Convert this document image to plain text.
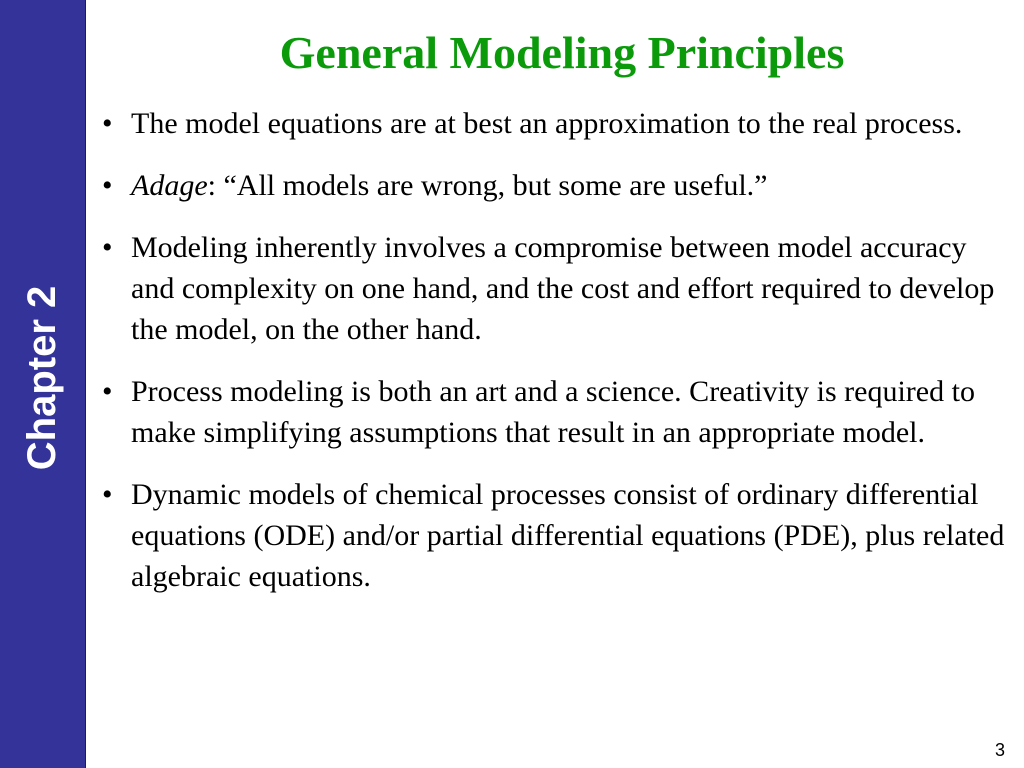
Chapter 2
General Modeling Principles
• The model equations are at best an approximation to the real process.
• Adage: “All models are wrong, but some are useful.”
• Modeling inherently involves a compromise between model accuracy and complexity on one hand, and the cost and effort required to develop the model, on the other hand.
• Process modeling is both an art and a science. Creativity is required to make simplifying assumptions that result in an appropriate model.
• Dynamic models of chemical processes consist of ordinary differential equations (ODE) and/or partial differential equations (PDE), plus related algebraic equations.
3
